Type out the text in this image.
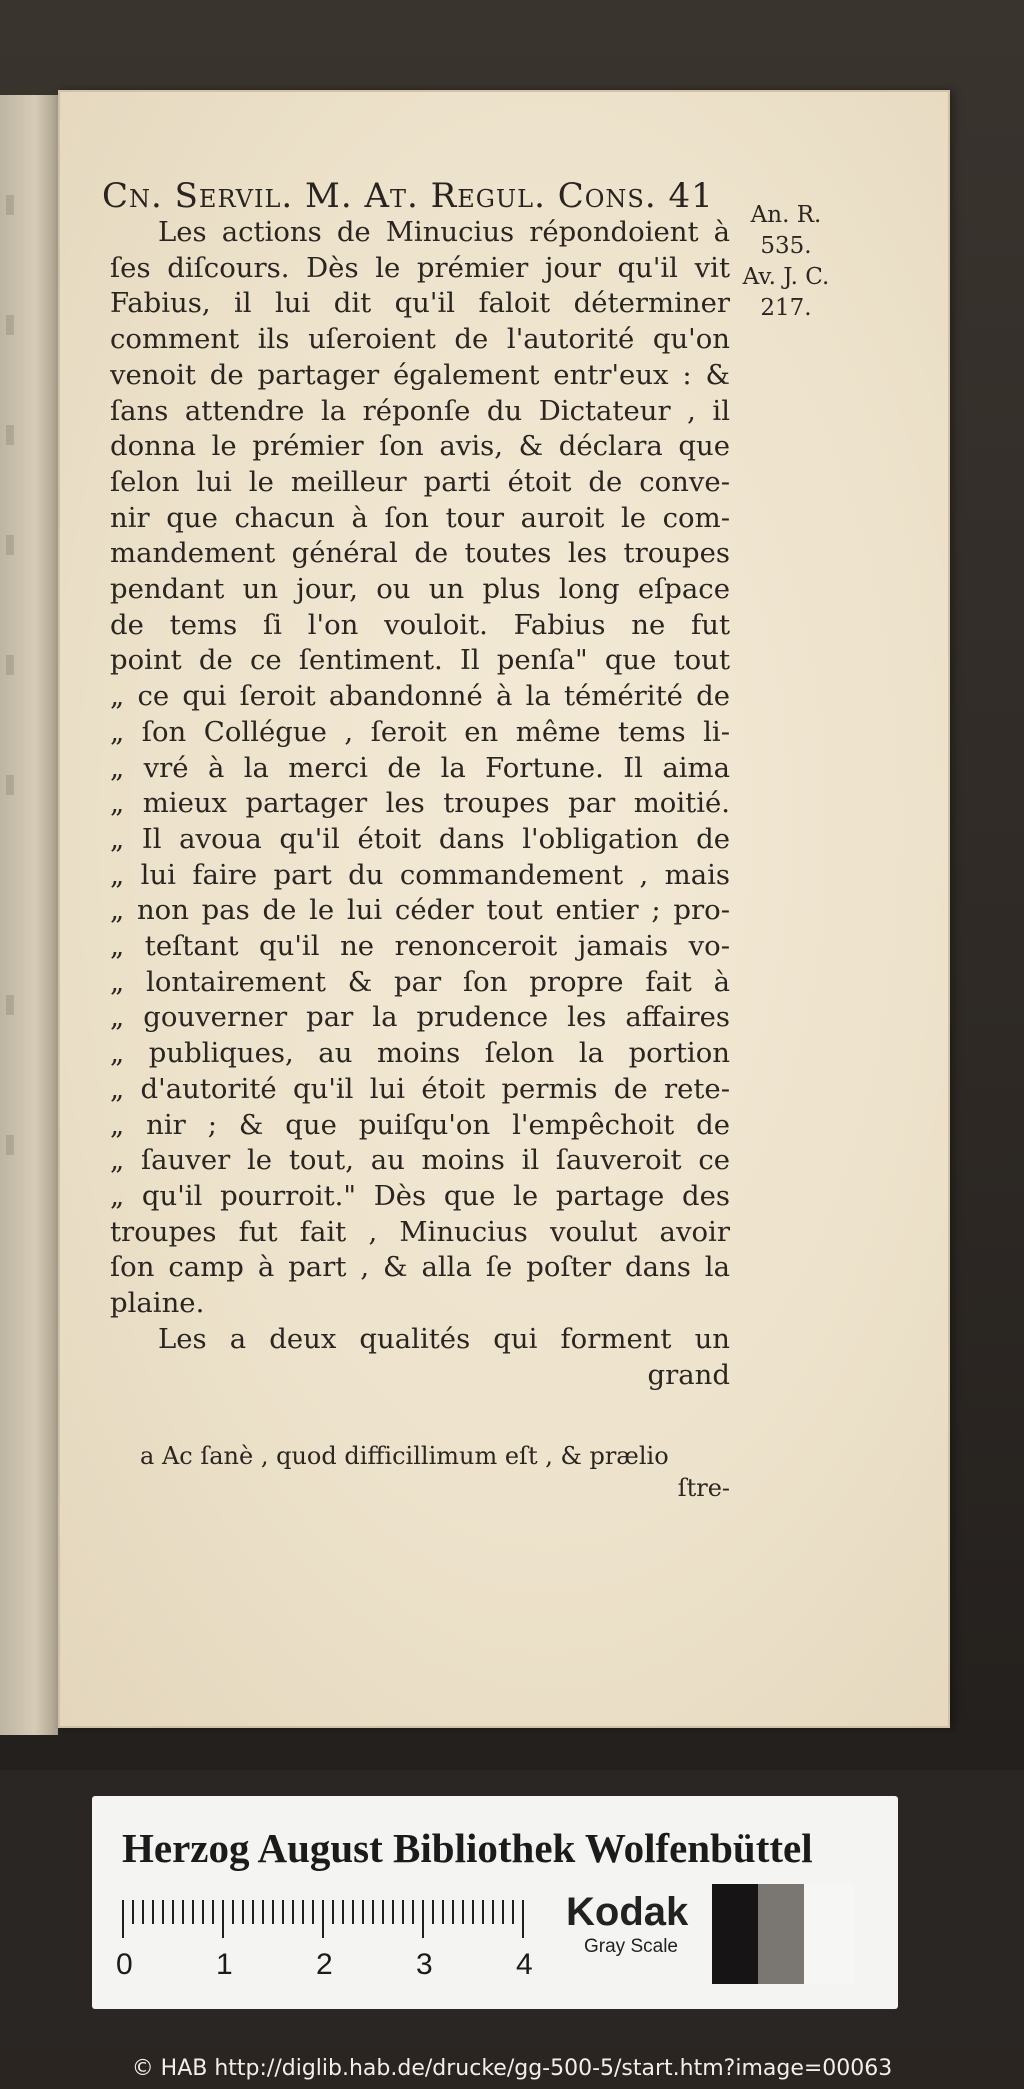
Cn. Servil. M. At. Regul. Cons. 41	An. R.
535.
Av. J. C.
217.
Les actions de Minucius répondoient à
ſes diſcours. Dès le prémier jour qu'il vit
Fabius, il lui dit qu'il faloit déterminer
comment ils uſeroient de l'autorité qu'on
venoit de partager également entr'eux : &
ſans attendre la réponſe du Dictateur , il
donna le prémier ſon avis, & déclara que
ſelon lui le meilleur parti étoit de conve-
nir que chacun à ſon tour auroit le com-
mandement général de toutes les troupes
pendant un jour, ou un plus long eſpace
de tems ſi l'on vouloit. Fabius ne fut
point de ce ſentiment. Il penſa" que tout
„ ce qui ſeroit abandonné à la témérité de
„ ſon Collégue , ſeroit en même tems li-
„ vré à la merci de la Fortune. Il aima
„ mieux partager les troupes par moitié.
„ Il avoua qu'il étoit dans l'obligation de
„ lui faire part du commandement , mais
„ non pas de le lui céder tout entier ; pro-
„ teſtant qu'il ne renonceroit jamais vo-
„ lontairement & par ſon propre fait à
„ gouverner par la prudence les affaires
„ publiques, au moins ſelon la portion
„ d'autorité qu'il lui étoit permis de rete-
„ nir ; & que puiſqu'on l'empêchoit de
„ ſauver le tout, au moins il ſauveroit ce
„ qu'il pourroit." Dès que le partage des
troupes fut fait , Minucius voulut avoir
ſon camp à part , & alla ſe poſter dans la
plaine.
Les a deux qualités qui forment un
grand
a Ac ſanè , quod difficillimum eſt , & prælio
ſtre-
Herzog August Bibliothek Wolfenbüttel
0	1	2	3	4
Kodak
Gray Scale
© HAB http://diglib.hab.de/drucke/gg-500-5/start.htm?image=00063
